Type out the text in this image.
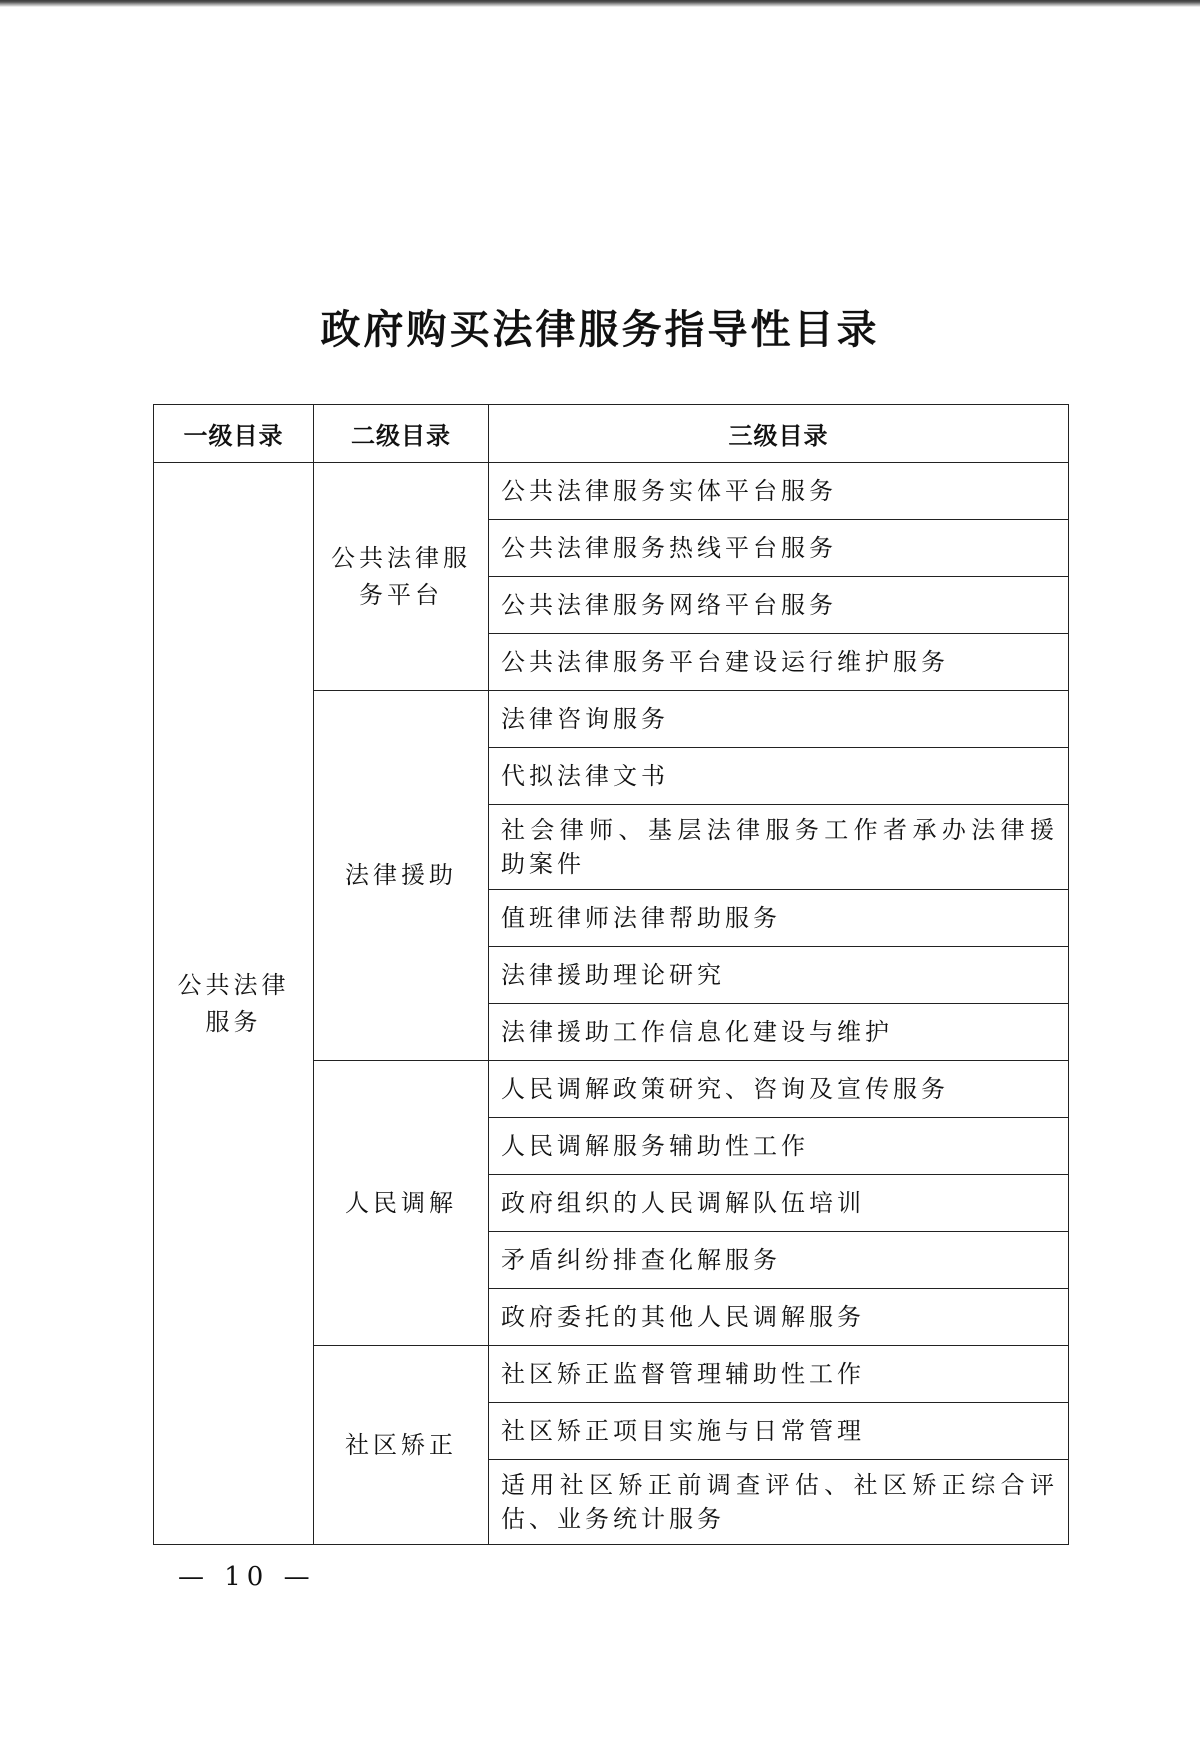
政府购买法律服务指导性目录
一级目录	二级目录	三级目录
公共法律服务	公共法律服务平台	公共法律服务实体平台服务
		公共法律服务热线平台服务
		公共法律服务网络平台服务
		公共法律服务平台建设运行维护服务
	法律援助	法律咨询服务
		代拟法律文书
		社会律师、基层法律服务工作者承办法律援助案件
		值班律师法律帮助服务
		法律援助理论研究
		法律援助工作信息化建设与维护
	人民调解	人民调解政策研究、咨询及宣传服务
		人民调解服务辅助性工作
		政府组织的人民调解队伍培训
		矛盾纠纷排查化解服务
		政府委托的其他人民调解服务
	社区矫正	社区矫正监督管理辅助性工作
		社区矫正项目实施与日常管理
		适用社区矫正前调查评估、社区矫正综合评估、业务统计服务
— 10 —
